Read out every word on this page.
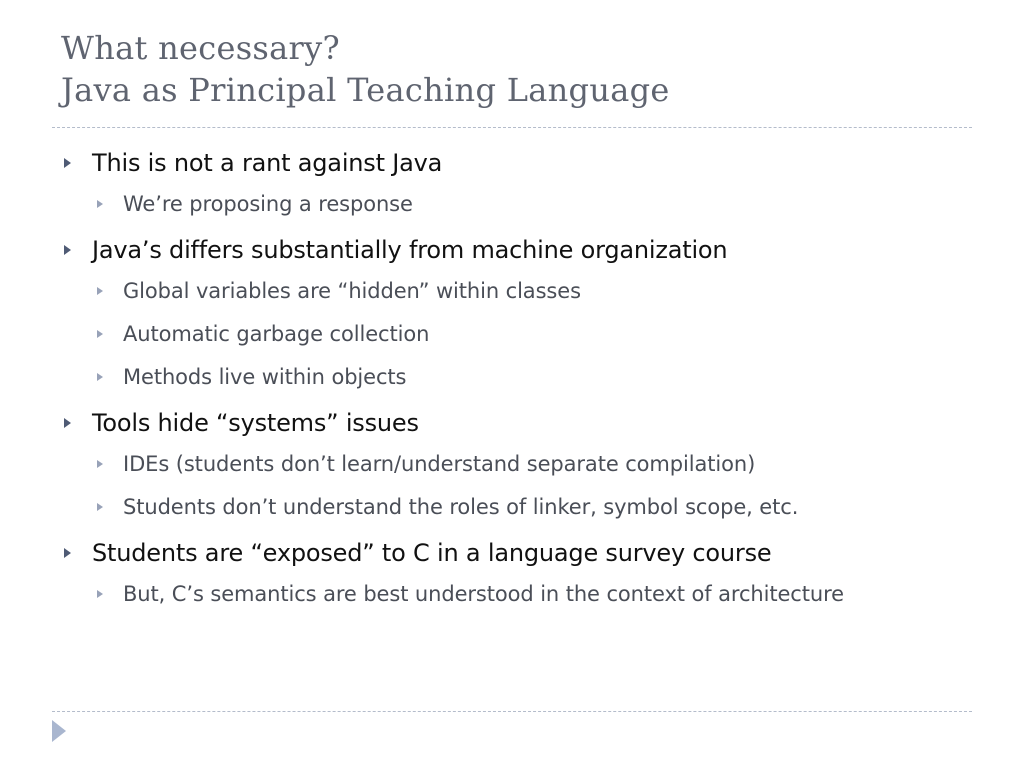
What necessary?
Java as Principal Teaching Language
This is not a rant against Java
We’re proposing a response
Java’s differs substantially from machine organization
Global variables are “hidden” within classes
Automatic garbage collection
Methods live within objects
Tools hide “systems” issues
IDEs (students don’t learn/understand separate compilation)
Students don’t understand the roles of linker, symbol scope, etc.
Students are “exposed” to C in a language survey course
But, C’s semantics are best understood in the context of architecture
